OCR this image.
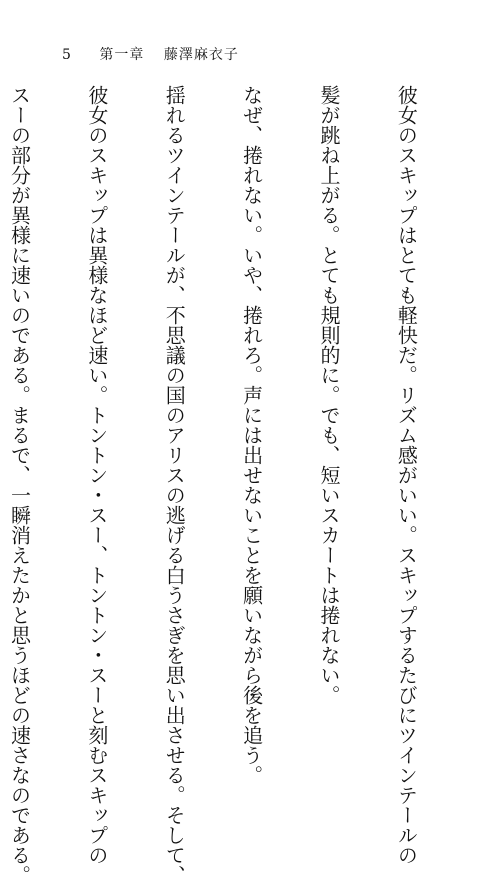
5 第一章 藤澤麻衣子

彼女のスキップはとても軽快だ。リズム感がいい。スキップするたびにツインテールの

髪が跳ね上がる。とても規則的に。でも、短いスカートは捲れない。

なぜ、捲れない。いや、捲れろ。声には出せないことを願いながら後を追う。

揺れるツインテールが、不思議の国のアリスの逃げる白うさぎを思い出させる。そして、

彼女のスキップは異様なほど速い。トントン・スー、トントン・スーと刻むスキップの

スーの部分が異様に速いのである。まるで、一瞬消えたかと思うほどの速さなのである。
